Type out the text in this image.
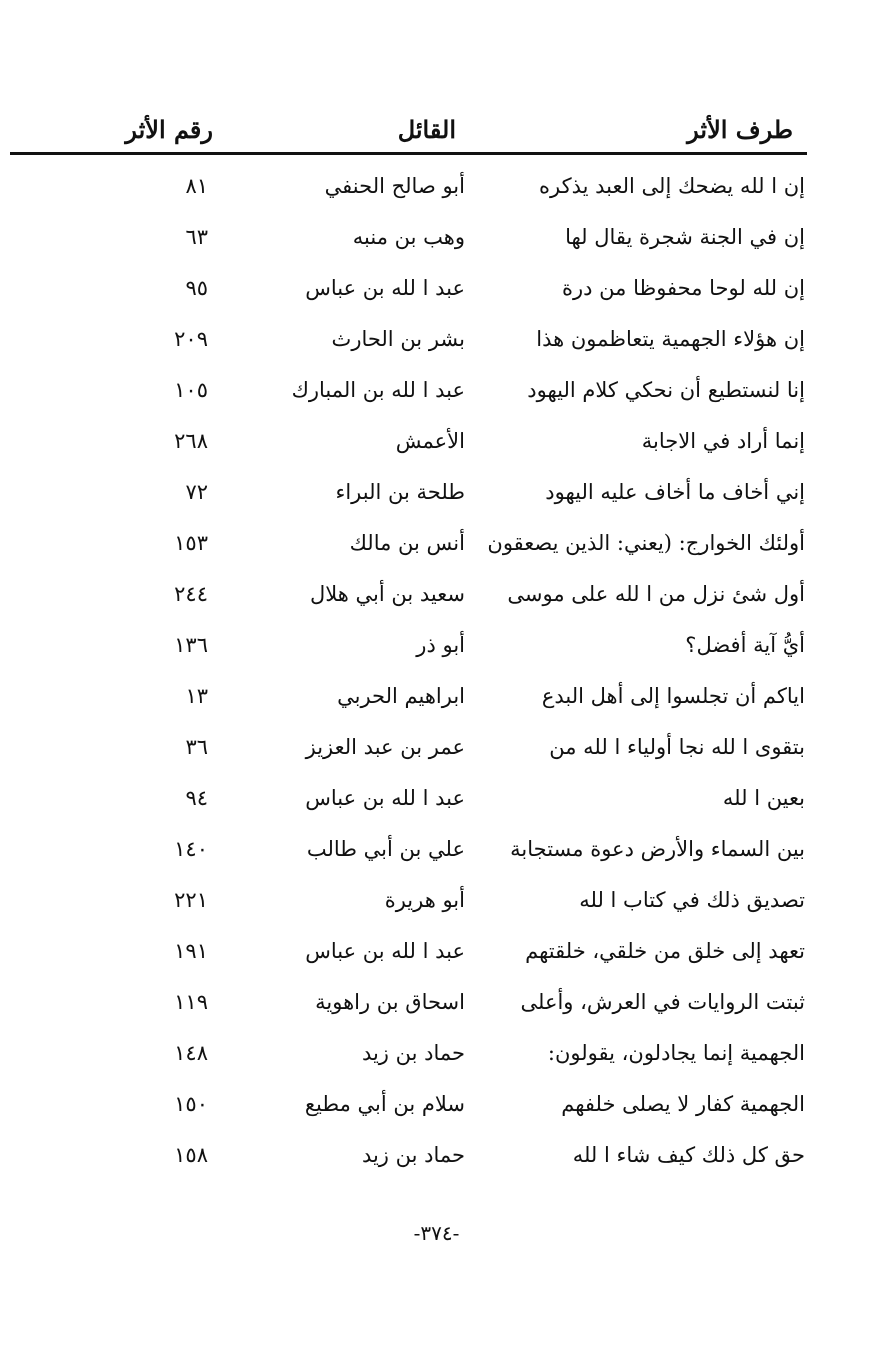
طرف الأثر
القائل
رقم الأثر
إن ا لله يضحك إلى العبد يذكره
أبو صالح الحنفي
٨١
إن في الجنة شجرة يقال لها
وهب بن منبه
٦٣
إن لله لوحا محفوظا من درة
عبد ا لله بن عباس
٩٥
إن هؤلاء الجهمية يتعاظمون هذا
بشر بن الحارث
٢٠٩
إنا لنستطيع أن نحكي كلام اليهود
عبد ا لله بن المبارك
١٠٥
إنما أراد في الاجابة
الأعمش
٢٦٨
إني أخاف ما أخاف عليه اليهود
طلحة بن البراء
٧٢
أولئك الخوارج: (يعني: الذين يصعقون
أنس بن مالك
١٥٣
أول شئ نزل من ا لله على موسى
سعيد بن أبي هلال
٢٤٤
أيُّ آية أفضل؟
أبو ذر
١٣٦
اياكم أن تجلسوا إلى أهل البدع
ابراهيم الحربي
١٣
بتقوى ا لله نجا أولياء ا لله من
عمر بن عبد العزيز
٣٦
بعين ا لله
عبد ا لله بن عباس
٩٤
بين السماء والأرض دعوة مستجابة
علي بن أبي طالب
١٤٠
تصديق ذلك في كتاب ا لله
أبو هريرة
٢٢١
تعهد إلى خلق من خلقي، خلقتهم
عبد ا لله بن عباس
١٩١
ثبتت الروايات في العرش، وأعلى
اسحاق بن راهوية
١١٩
الجهمية إنما يجادلون، يقولون:
حماد بن زيد
١٤٨
الجهمية كفار لا يصلى خلفهم
سلام بن أبي مطيع
١٥٠
حق كل ذلك كيف شاء ا لله
حماد بن زيد
١٥٨
-٣٧٤-
